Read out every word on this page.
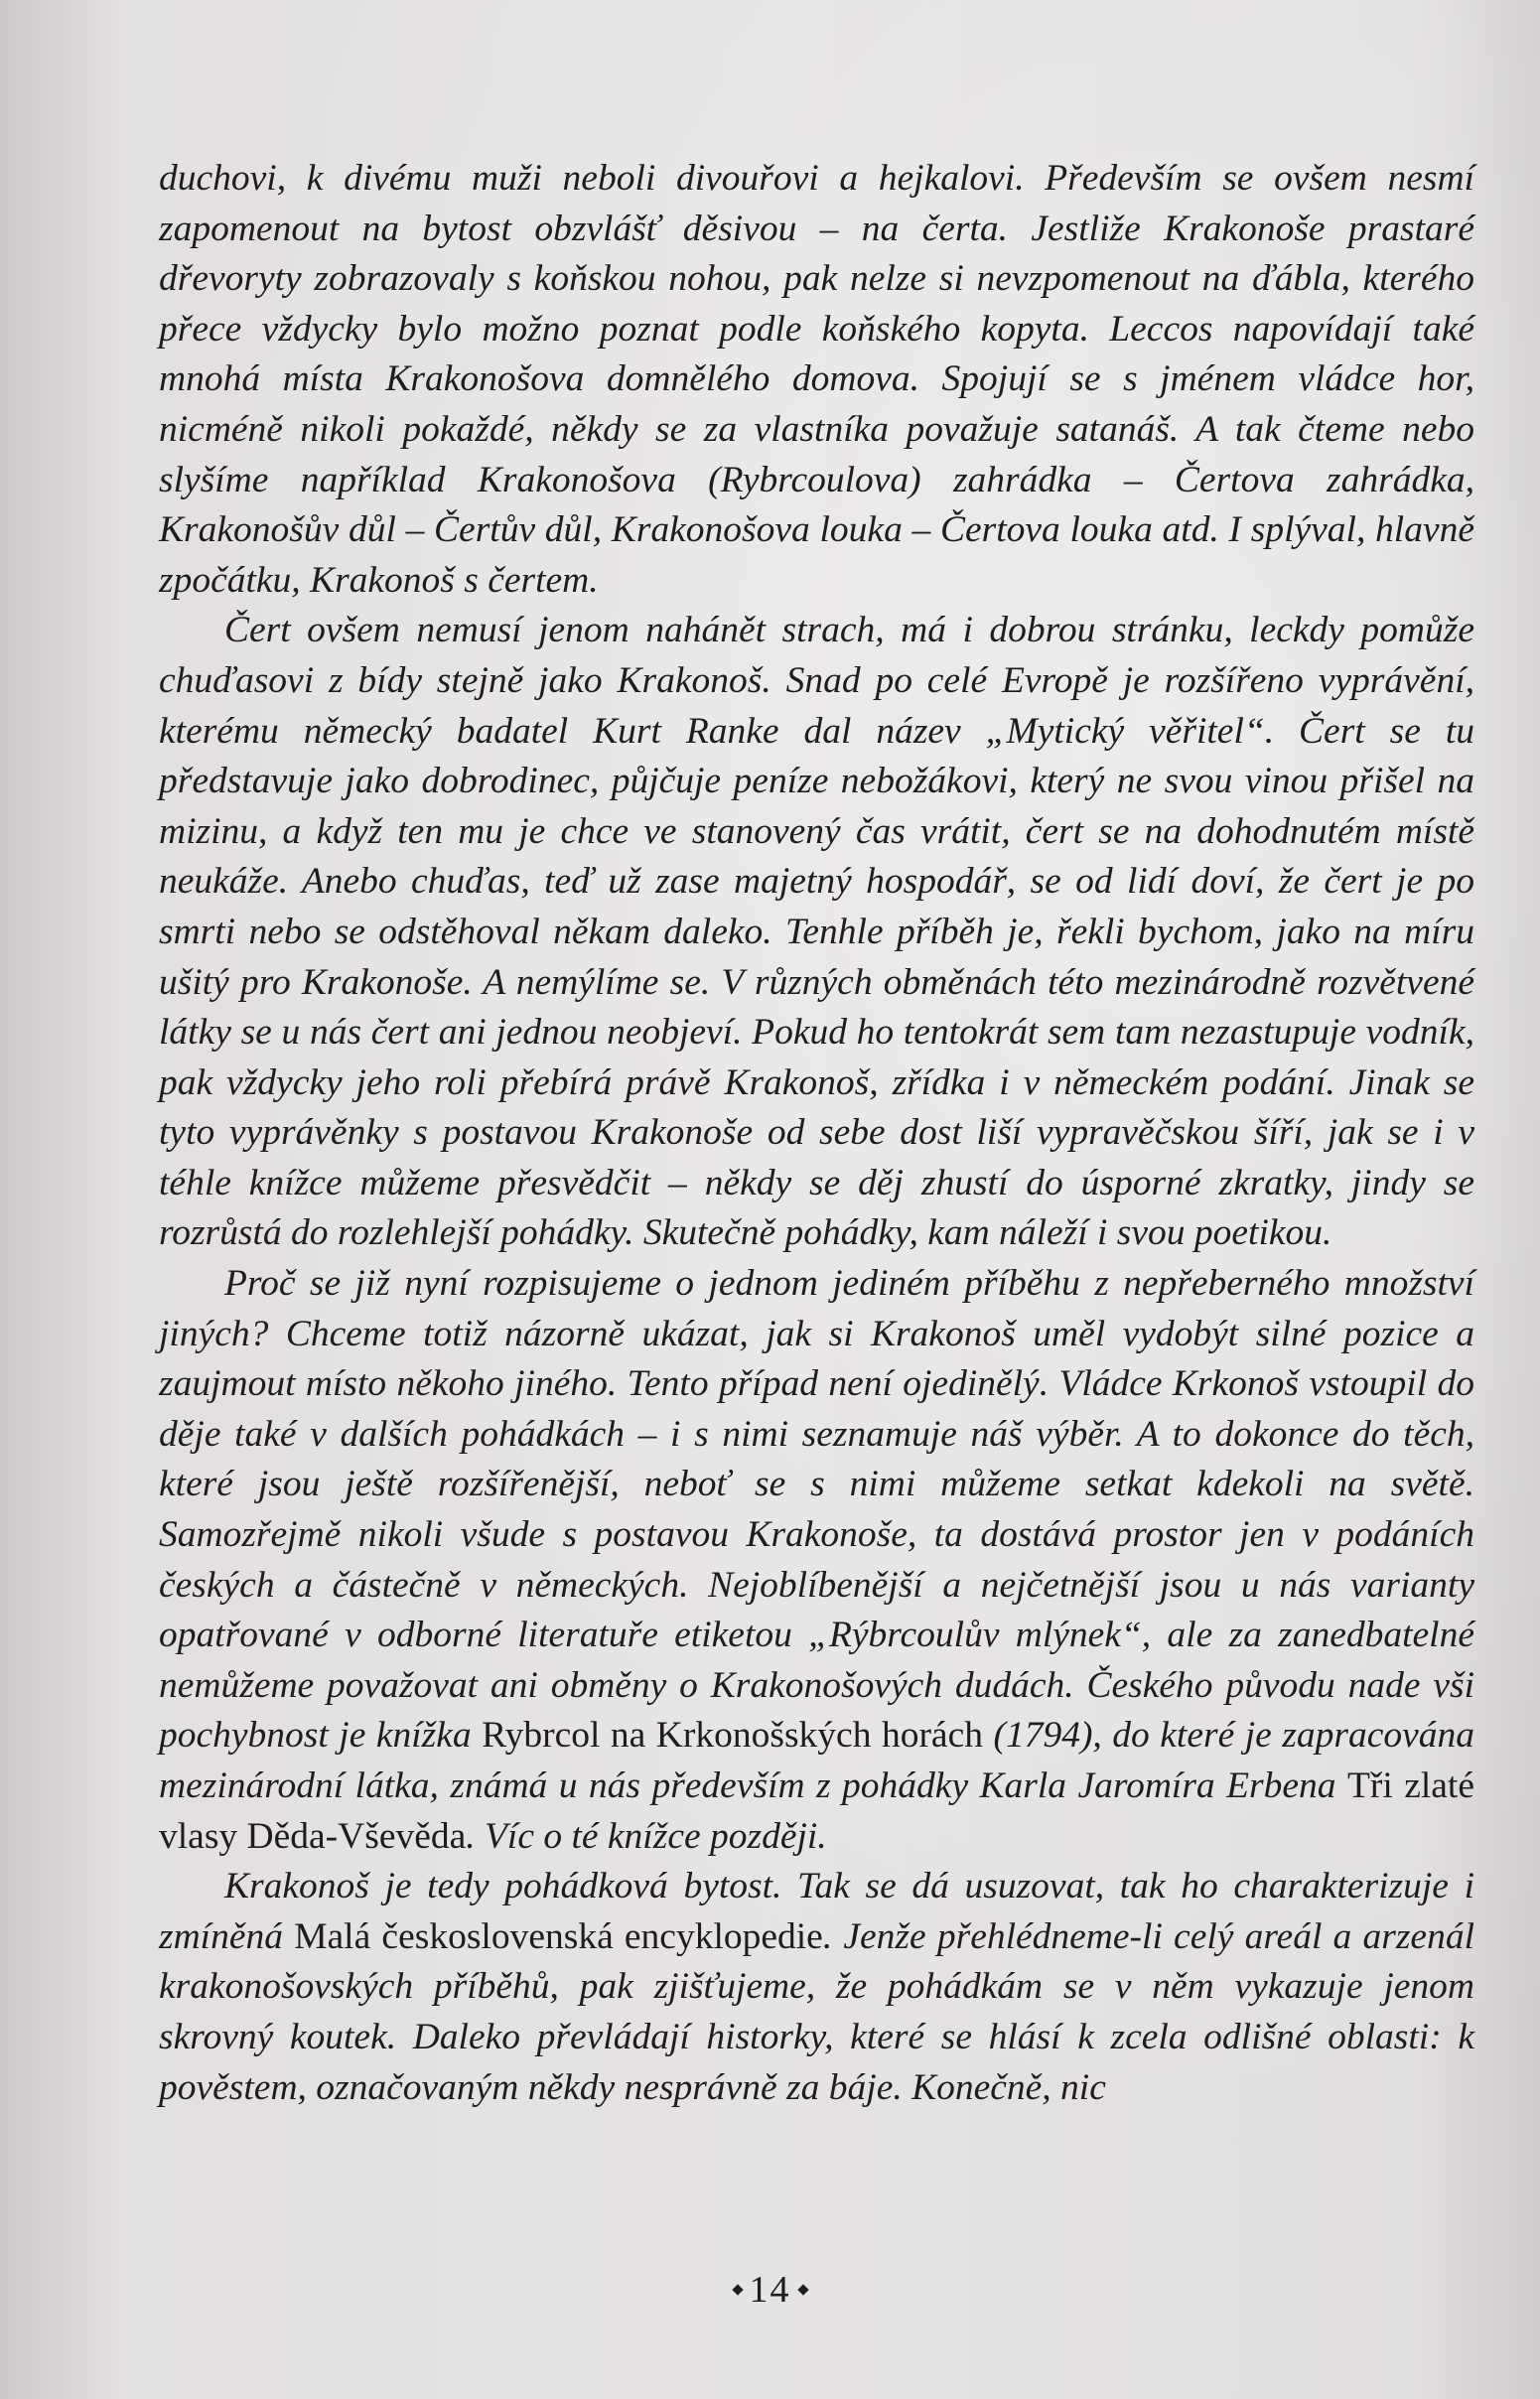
duchovi, k divému muži neboli divouřovi a hejkalovi. Především se ovšem nesmí zapomenout na bytost obzvlášť děsivou – na čerta. Jestliže Krakonoše prastaré dřevoryty zobrazovaly s koňskou nohou, pak nelze si nevzpomenout na ďábla, kterého přece vždycky bylo možno poznat podle koňského kopyta. Leccos napovídají také mnohá místa Krakonošova domnělého domova. Spojují se s jménem vládce hor, nicméně nikoli pokaždé, někdy se za vlastníka považuje satanáš. A tak čteme nebo slyšíme například Krakonošova (Rybrcoulova) zahrádka – Čertova zahrádka, Krakonošův důl – Čertův důl, Krakonošova louka – Čertova louka atd. I splýval, hlavně zpočátku, Krakonoš s čertem.

Čert ovšem nemusí jenom nahánět strach, má i dobrou stránku, leckdy pomůže chuďasovi z bídy stejně jako Krakonoš. Snad po celé Evropě je rozšířeno vyprávění, kterému německý badatel Kurt Ranke dal název „Mytický věřitel“. Čert se tu představuje jako dobrodinec, půjčuje peníze nebožákovi, který ne svou vinou přišel na mizinu, a když ten mu je chce ve stanovený čas vrátit, čert se na dohodnutém místě neukáže. Anebo chuďas, teď už zase majetný hospodář, se od lidí doví, že čert je po smrti nebo se odstěhoval někam daleko. Tenhle příběh je, řekli bychom, jako na míru ušitý pro Krakonoše. A nemýlíme se. V různých obměnách této mezinárodně rozvětvené látky se u nás čert ani jednou neobjeví. Pokud ho tentokrát sem tam nezastupuje vodník, pak vždycky jeho roli přebírá právě Krakonoš, zřídka i v německém podání. Jinak se tyto vyprávěnky s postavou Krakonoše od sebe dost liší vypravěčskou šíří, jak se i v téhle knížce můžeme přesvědčit – někdy se děj zhustí do úsporné zkratky, jindy se rozrůstá do rozlehlejší pohádky. Skutečně pohádky, kam náleží i svou poetikou.

Proč se již nyní rozpisujeme o jednom jediném příběhu z nepřeberného množství jiných? Chceme totiž názorně ukázat, jak si Krakonoš uměl vydobýt silné pozice a zaujmout místo někoho jiného. Tento případ není ojedinělý. Vládce Krkonoš vstoupil do děje také v dalších pohádkách – i s nimi seznamuje náš výběr. A to dokonce do těch, které jsou ještě rozšířenější, neboť se s nimi můžeme setkat kdekoli na světě. Samozřejmě nikoli všude s postavou Krakonoše, ta dostává prostor jen v podáních českých a částečně v německých. Nejoblíbenější a nejčetnější jsou u nás varianty opatřované v odborné literatuře etiketou „Rýbrcoulův mlýnek“, ale za zanedbatelné nemůžeme považovat ani obměny o Krakonošových dudách. Českého původu nade vši pochybnost je knížka Rybrcol na Krkonošských horách (1794), do které je zapracována mezinárodní látka, známá u nás především z pohádky Karla Jaromíra Erbena Tři zlaté vlasy Děda-Vševěda. Víc o té knížce později.

Krakonoš je tedy pohádková bytost. Tak se dá usuzovat, tak ho charakterizuje i zmíněná Malá československá encyklopedie. Jenže přehlédneme-li celý areál a arzenál krakonošovských příběhů, pak zjišťujeme, že pohádkám se v něm vykazuje jenom skrovný koutek. Daleko převládají historky, které se hlásí k zcela odlišné oblasti: k pověstem, označovaným někdy nesprávně za báje. Konečně, nic

14
